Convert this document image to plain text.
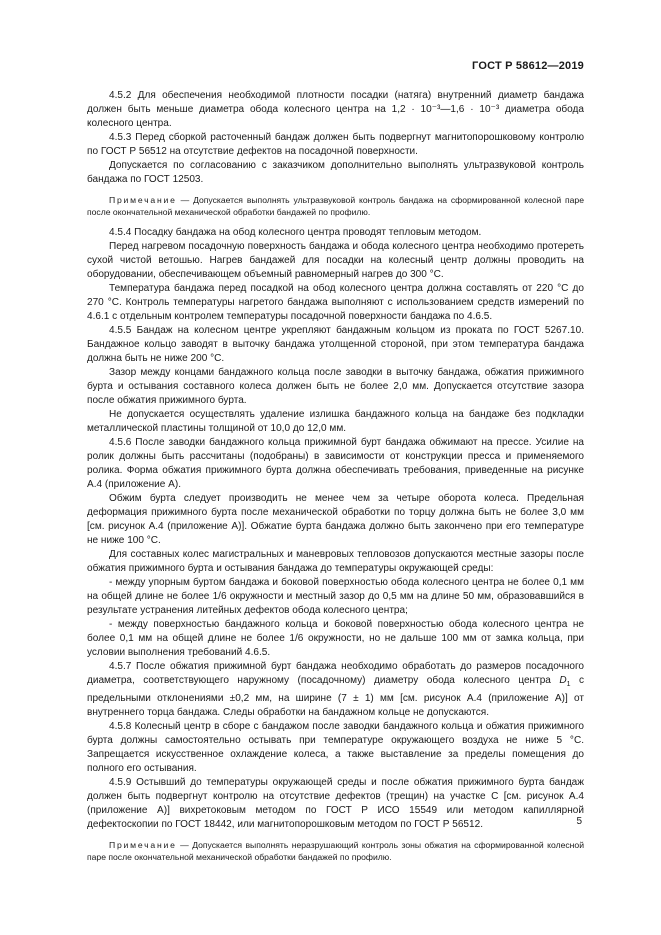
ГОСТ Р 58612—2019

4.5.2 Для обеспечения необходимой плотности посадки (натяга) внутренний диаметр бандажа должен быть меньше диаметра обода колесного центра на 1,2 · 10⁻³—1,6 · 10⁻³ диаметра обода колесного центра.

4.5.3 Перед сборкой расточенный бандаж должен быть подвергнут магнитопорошковому контролю по ГОСТ Р 56512 на отсутствие дефектов на посадочной поверхности.

Допускается по согласованию с заказчиком дополнительно выполнять ультразвуковой контроль бандажа по ГОСТ 12503.

Примечание — Допускается выполнять ультразвуковой контроль бандажа на сформированной колесной паре после окончательной механической обработки бандажей по профилю.

4.5.4 Посадку бандажа на обод колесного центра проводят тепловым методом.

Перед нагревом посадочную поверхность бандажа и обода колесного центра необходимо протереть сухой чистой ветошью. Нагрев бандажей для посадки на колесный центр должны проводить на оборудовании, обеспечивающем объемный равномерный нагрев до 300 °С.

Температура бандажа перед посадкой на обод колесного центра должна составлять от 220 °С до 270 °С. Контроль температуры нагретого бандажа выполняют с использованием средств измерений по 4.6.1 с отдельным контролем температуры посадочной поверхности бандажа по 4.6.5.

4.5.5 Бандаж на колесном центре укрепляют бандажным кольцом из проката по ГОСТ 5267.10. Бандажное кольцо заводят в выточку бандажа утолщенной стороной, при этом температура бандажа должна быть не ниже 200 °С.

Зазор между концами бандажного кольца после заводки в выточку бандажа, обжатия прижимного бурта и остывания составного колеса должен быть не более 2,0 мм. Допускается отсутствие зазора после обжатия прижимного бурта.

Не допускается осуществлять удаление излишка бандажного кольца на бандаже без подкладки металлической пластины толщиной от 10,0 до 12,0 мм.

4.5.6 После заводки бандажного кольца прижимной бурт бандажа обжимают на прессе. Усилие на ролик должны быть рассчитаны (подобраны) в зависимости от конструкции пресса и применяемого ролика. Форма обжатия прижимного бурта должна обеспечивать требования, приведенные на рисунке А.4 (приложение А).

Обжим бурта следует производить не менее чем за четыре оборота колеса. Предельная деформация прижимного бурта после механической обработки по торцу должна быть не более 3,0 мм [см. рисунок А.4 (приложение А)]. Обжатие бурта бандажа должно быть закончено при его температуре не ниже 100 °С.

Для составных колес магистральных и маневровых тепловозов допускаются местные зазоры после обжатия прижимного бурта и остывания бандажа до температуры окружающей среды:

- между упорным буртом бандажа и боковой поверхностью обода колесного центра не более 0,1 мм на общей длине не более 1/6 окружности и местный зазор до 0,5 мм на длине 50 мм, образовавшийся в результате устранения литейных дефектов обода колесного центра;

- между поверхностью бандажного кольца и боковой поверхностью обода колесного центра не более 0,1 мм на общей длине не более 1/6 окружности, но не дальше 100 мм от замка кольца, при условии выполнения требований 4.6.5.

4.5.7 После обжатия прижимной бурт бандажа необходимо обработать до размеров посадочного диаметра, соответствующего наружному (посадочному) диаметру обода колесного центра $D_1$ с предельными отклонениями ±0,2 мм, на ширине (7 ± 1) мм [см. рисунок А.4 (приложение А)] от внутреннего торца бандажа. Следы обработки на бандажном кольце не допускаются.

4.5.8 Колесный центр в сборе с бандажом после заводки бандажного кольца и обжатия прижимного бурта должны самостоятельно остывать при температуре окружающего воздуха не ниже 5 °С. Запрещается искусственное охлаждение колеса, а также выставление за пределы помещения до полного его остывания.

4.5.9 Остывший до температуры окружающей среды и после обжатия прижимного бурта бандаж должен быть подвергнут контролю на отсутствие дефектов (трещин) на участке С [см. рисунок А.4 (приложение А)] вихретоковым методом по ГОСТ Р ИСО 15549 или методом капиллярной дефектоскопии по ГОСТ 18442, или магнитопорошковым методом по ГОСТ Р 56512.

Примечание — Допускается выполнять неразрушающий контроль зоны обжатия на сформированной колесной паре после окончательной механической обработки бандажей по профилю.

5
